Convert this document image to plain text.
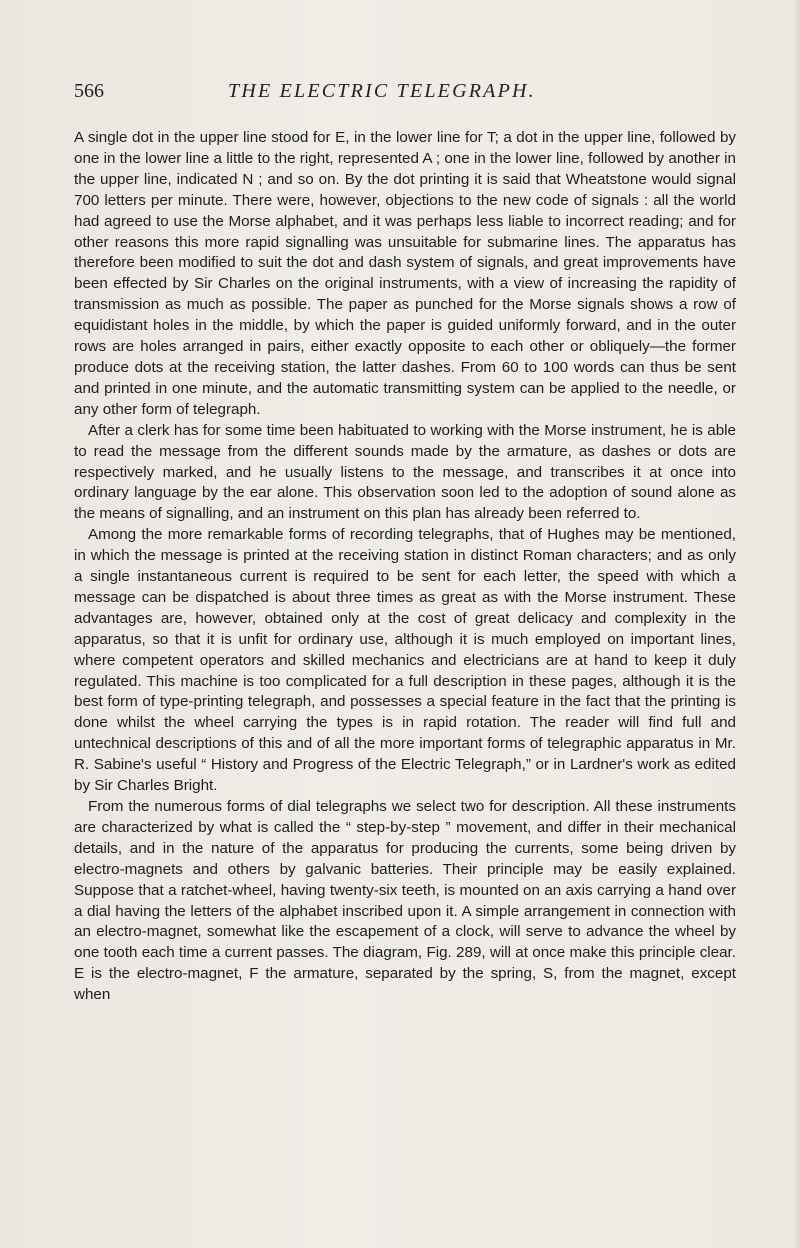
566	THE ELECTRIC TELEGRAPH.

A single dot in the upper line stood for E, in the lower line for T; a dot in the upper line, followed by one in the lower line a little to the right, represented A ; one in the lower line, followed by another in the upper line, indicated N ; and so on. By the dot printing it is said that Wheatstone would signal 700 letters per minute. There were, however, objections to the new code of signals : all the world had agreed to use the Morse alphabet, and it was perhaps less liable to incorrect reading; and for other reasons this more rapid signalling was unsuitable for submarine lines. The apparatus has therefore been modified to suit the dot and dash system of signals, and great improvements have been effected by Sir Charles on the original instruments, with a view of increasing the rapidity of transmission as much as possible. The paper as punched for the Morse signals shows a row of equidistant holes in the middle, by which the paper is guided uniformly forward, and in the outer rows are holes arranged in pairs, either exactly opposite to each other or obliquely—the former produce dots at the receiving station, the latter dashes. From 60 to 100 words can thus be sent and printed in one minute, and the automatic transmitting system can be applied to the needle, or any other form of telegraph.

After a clerk has for some time been habituated to working with the Morse instrument, he is able to read the message from the different sounds made by the armature, as dashes or dots are respectively marked, and he usually listens to the message, and transcribes it at once into ordinary language by the ear alone. This observation soon led to the adoption of sound alone as the means of signalling, and an instrument on this plan has already been referred to.

Among the more remarkable forms of recording telegraphs, that of Hughes may be mentioned, in which the message is printed at the receiving station in distinct Roman characters; and as only a single instantaneous current is required to be sent for each letter, the speed with which a message can be dispatched is about three times as great as with the Morse instrument. These advantages are, however, obtained only at the cost of great delicacy and complexity in the apparatus, so that it is unfit for ordinary use, although it is much employed on important lines, where competent operators and skilled mechanics and electricians are at hand to keep it duly regulated. This machine is too complicated for a full description in these pages, although it is the best form of type-printing telegraph, and possesses a special feature in the fact that the printing is done whilst the wheel carrying the types is in rapid rotation. The reader will find full and untechnical descriptions of this and of all the more important forms of telegraphic apparatus in Mr. R. Sabine's useful “ History and Progress of the Electric Telegraph,” or in Lardner's work as edited by Sir Charles Bright.

From the numerous forms of dial telegraphs we select two for description. All these instruments are characterized by what is called the “ step-by-step ” movement, and differ in their mechanical details, and in the nature of the apparatus for producing the currents, some being driven by electro-magnets and others by galvanic batteries. Their principle may be easily explained. Suppose that a ratchet-wheel, having twenty-six teeth, is mounted on an axis carrying a hand over a dial having the letters of the alphabet inscribed upon it. A simple arrangement in connection with an electro-magnet, somewhat like the escapement of a clock, will serve to advance the wheel by one tooth each time a current passes. The diagram, Fig. 289, will at once make this principle clear. E is the electro-magnet, F the armature, separated by the spring, S, from the magnet, except when
